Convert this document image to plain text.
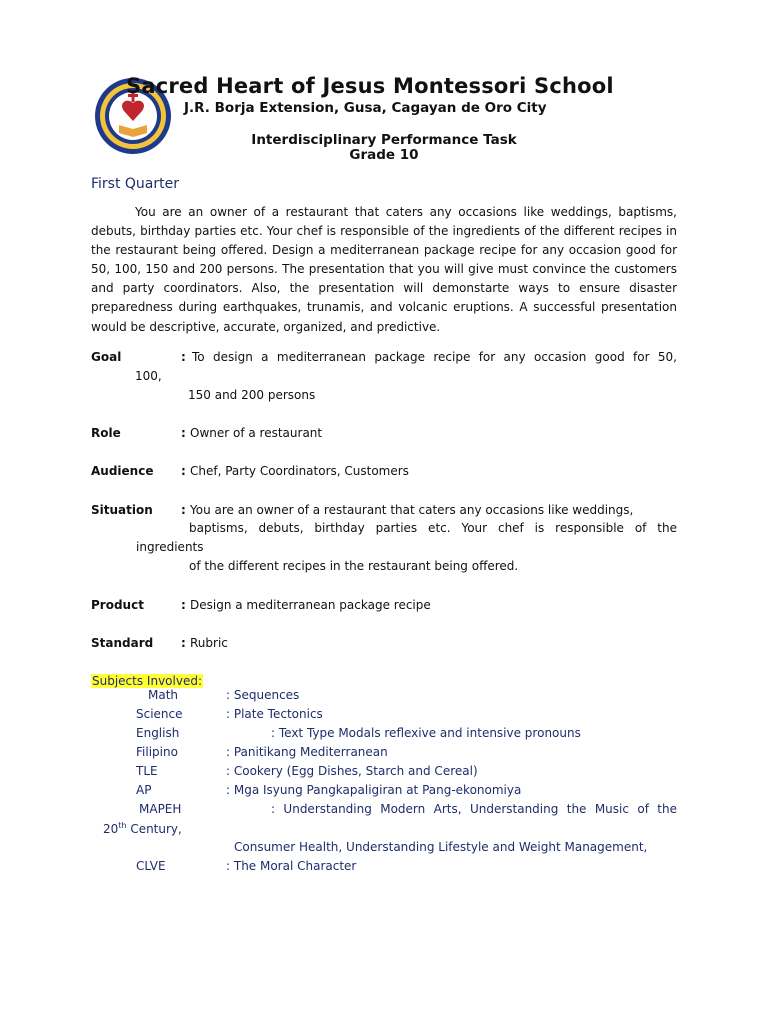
Sacred Heart of Jesus Montessori School
J.R. Borja Extension, Gusa, Cagayan de Oro City
Interdisciplinary Performance Task
Grade 10
First Quarter

You are an owner of a restaurant that caters any occasions like weddings, baptisms, debuts, birthday parties etc. Your chef is responsible of the ingredients of the different recipes in the restaurant being offered. Design a mediterranean package recipe for any occasion good for 50, 100, 150 and 200 persons. The presentation that you will give must convince the customers and party coordinators. Also, the presentation will demonstarte ways to ensure disaster preparedness during earthquakes, trunamis, and volcanic eruptions. A successful presentation would be descriptive, accurate, organized, and predictive.

Goal	: To design a mediterranean package recipe for any occasion good for 50,
100,
150 and 200 persons
Role	: Owner of a restaurant
Audience : Chef, Party Coordinators, Customers
Situation : You are an owner of a restaurant that caters any occasions like weddings,
baptisms, debuts, birthday parties etc. Your chef is responsible of the
ingredients
of the different recipes in the restaurant being offered.
Product	: Design a mediterranean package recipe
Standard : Rubric
Subjects Involved:
Math	: Sequences
Science	: Plate Tectonics
English	: Text Type Modals reflexive and intensive pronouns
Filipino	: Panitikang Mediterranean
TLE	: Cookery (Egg Dishes, Starch and Cereal)
AP	: Mga Isyung Pangkapaligiran at Pang-ekonomiya
MAPEH	: Understanding Modern Arts, Understanding the Music of the
20th Century,
Consumer Health, Understanding Lifestyle and Weight Management,
CLVE	: The Moral Character
